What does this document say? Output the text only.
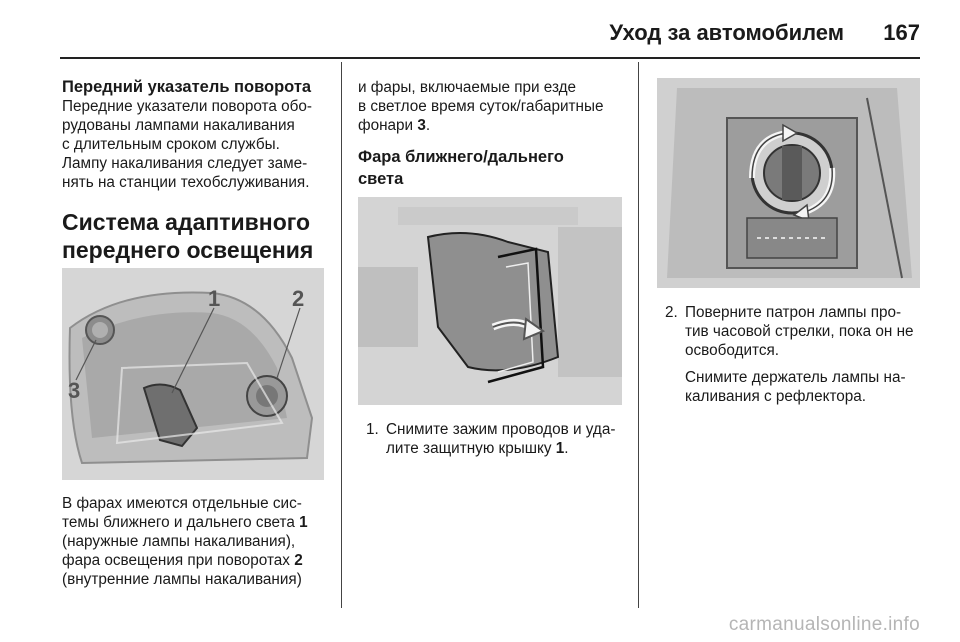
Уход за автомобилем 167
Передний указатель поворота
Передние указатели поворота обо-
рудованы лампами накаливания
с длительным сроком службы.
Лампу накаливания следует заме-
нять на станции техобслуживания.
Система адаптивного
переднего освещения
1	2
3
В фарах имеются отдельные сис-
темы ближнего и дальнего света 1
(наружные лампы накаливания),
фара освещения при поворотах 2
(внутренние лампы накаливания)
и фары, включаемые при езде
в светлое время суток/габаритные
фонари 3.
Фара ближнего/дальнего
света
1. Снимите зажим проводов и уда-
лите защитную крышку 1.
2. Поверните патрон лампы про-
тив часовой стрелки, пока он не
освободится.
Снимите держатель лампы на-
каливания с рефлектора.
carmanualsonline.info
